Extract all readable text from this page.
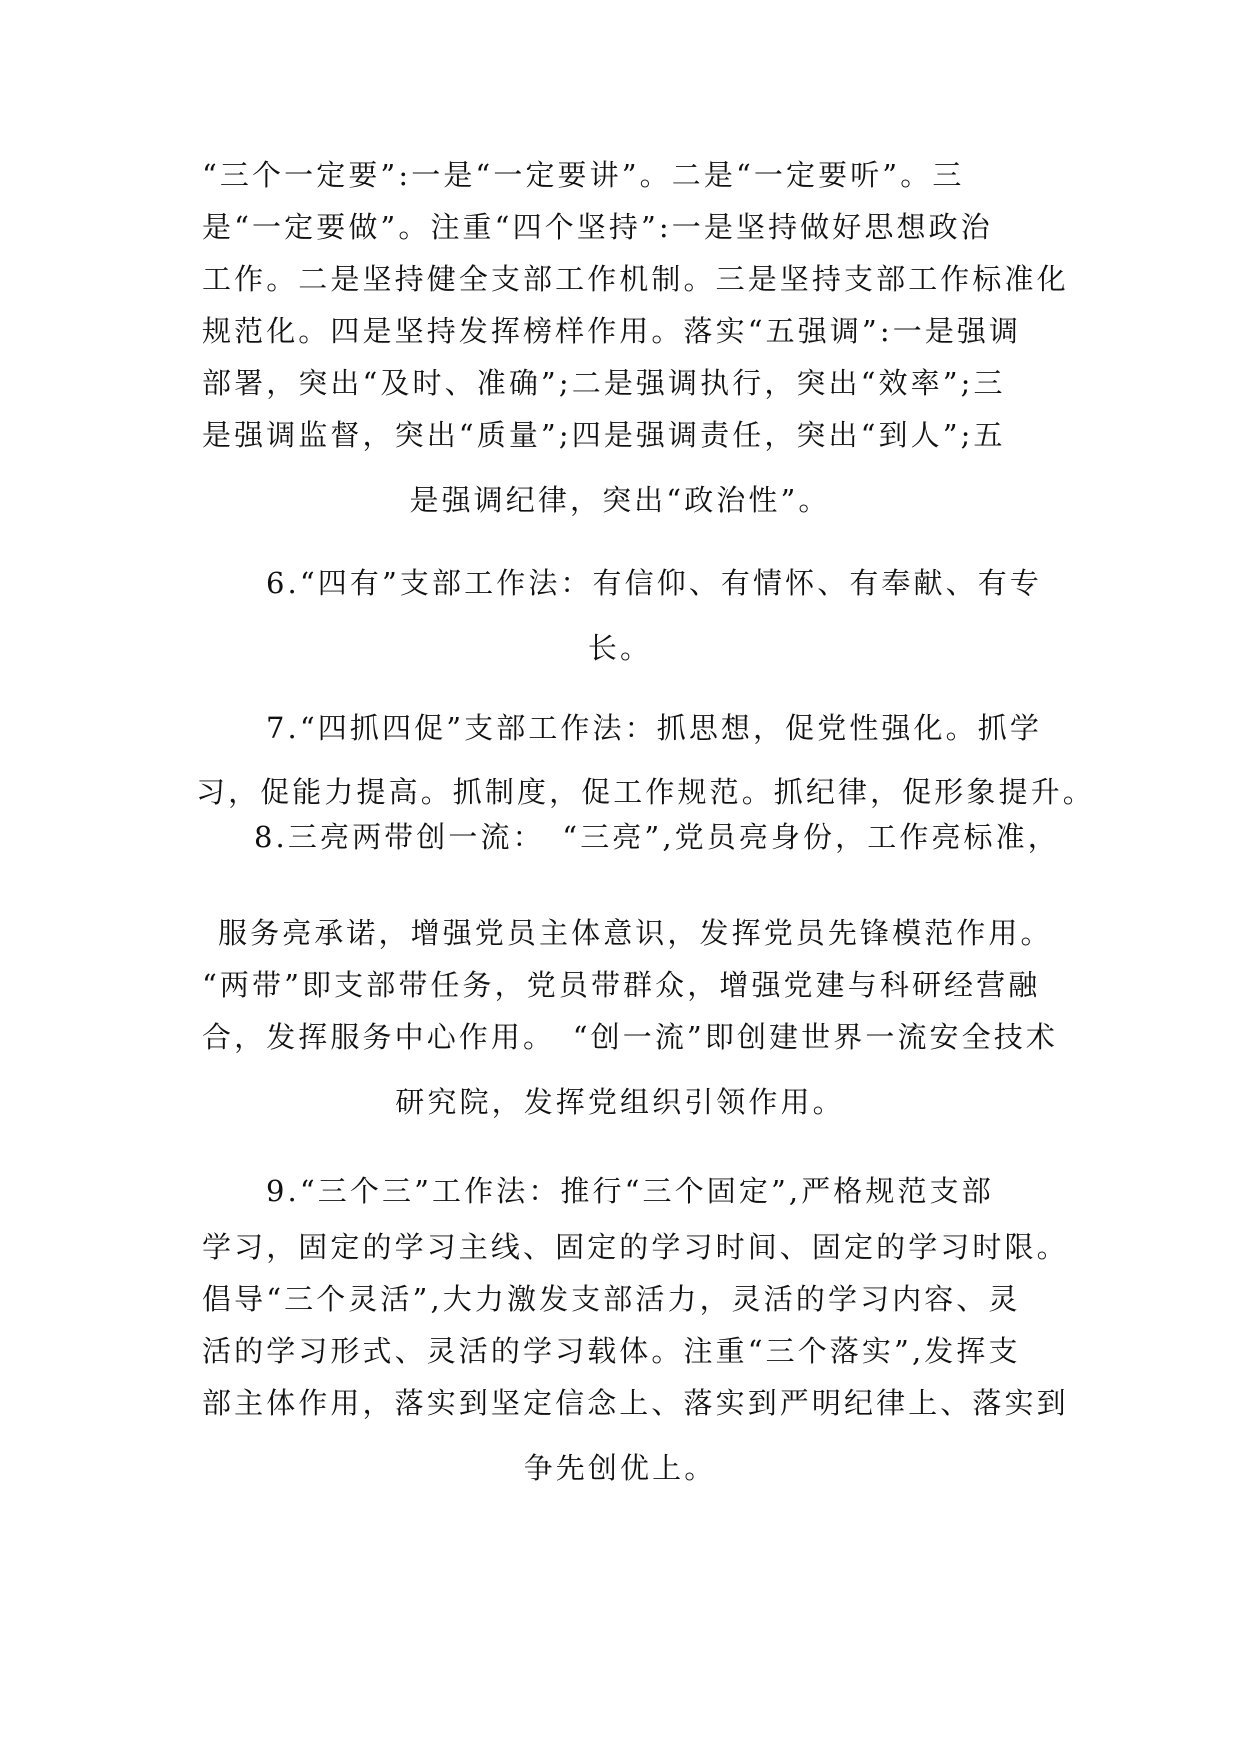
“三个一定要”:一是“一定要讲”。二是“一定要听”。三
是“一定要做”。注重“四个坚持”:一是坚持做好思想政治
工作。二是坚持健全支部工作机制。三是坚持支部工作标准化
规范化。四是坚持发挥榜样作用。落实“五强调”:一是强调
部署，突出“及时、准确”;二是强调执行，突出“效率”;三
是强调监督，突出“质量”;四是强调责任，突出“到人”;五
是强调纪律，突出“政治性”。
6.“四有”支部工作法：有信仰、有情怀、有奉献、有专
长。
7.“四抓四促”支部工作法：抓思想，促党性强化。抓学
习，促能力提高。抓制度，促工作规范。抓纪律，促形象提升。
8.三亮两带创一流：　“三亮”,党员亮身份，工作亮标准，
服务亮承诺，增强党员主体意识，发挥党员先锋模范作用。
“两带”即支部带任务，党员带群众，增强党建与科研经营融
合，发挥服务中心作用。　“创一流”即创建世界一流安全技术
研究院，发挥党组织引领作用。
9.“三个三”工作法：推行“三个固定”,严格规范支部
学习，固定的学习主线、固定的学习时间、固定的学习时限。
倡导“三个灵活”,大力激发支部活力，灵活的学习内容、灵
活的学习形式、灵活的学习载体。注重“三个落实”,发挥支
部主体作用，落实到坚定信念上、落实到严明纪律上、落实到
争先创优上。
